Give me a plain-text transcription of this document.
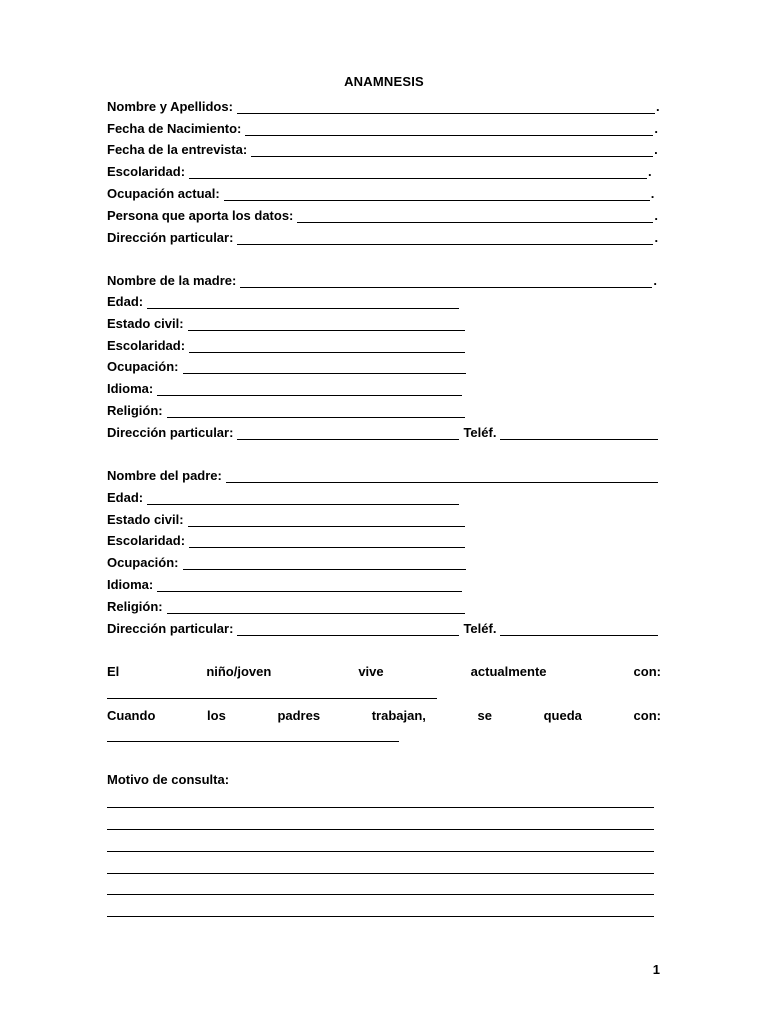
ANAMNESIS
Nombre y Apellidos:	.
Fecha de Nacimiento:	.
Fecha de la entrevista:	.
Escolaridad:	.
Ocupación actual:	.
Persona que aporta los datos:	.
Dirección particular:	.
Nombre de la madre:	.
Edad:
Estado civil:
Escolaridad:
Ocupación:
Idioma:
Religión:
Dirección particular:	Teléf.
Nombre del padre:
Edad:
Estado civil:
Escolaridad:
Ocupación:
Idioma:
Religión:
Dirección particular:	Teléf.
El	niño/joven	vive	actualmente	con:
Cuando	los	padres	trabajan,	se	queda	con:
Motivo de consulta:
1
